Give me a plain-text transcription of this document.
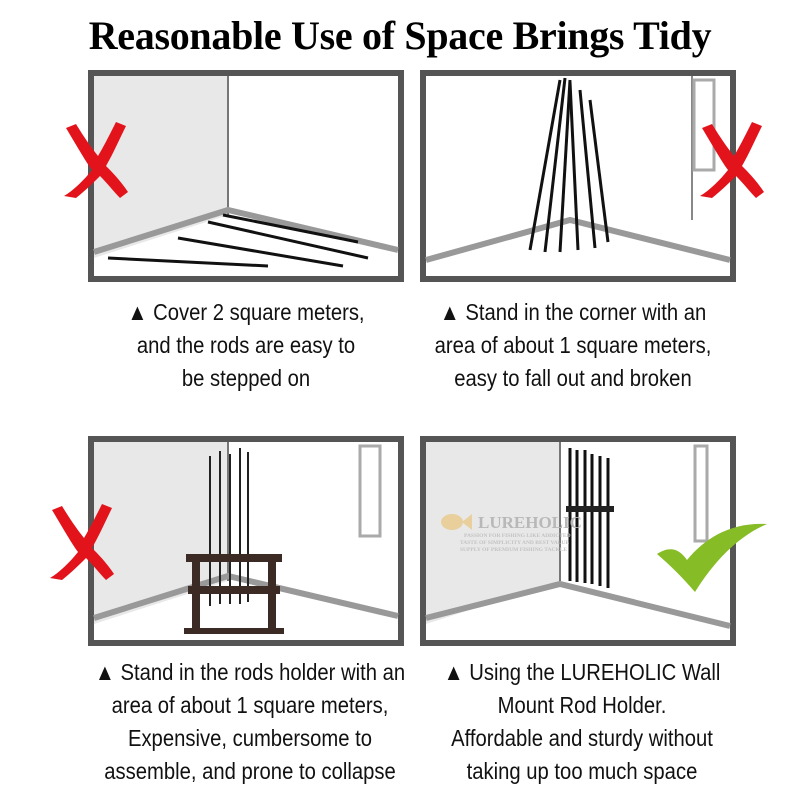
Reasonable Use of Space Brings Tidy
LUREHOLIC
PASSION FOR FISHING LIKE ADDICTED
TASTE OF SIMPLICITY AND BEST VALUE
SUPPLY OF PREMIUM FISHING TACKLE
▲ Cover 2 square meters,
and the rods are easy to
be stepped on
▲ Stand in the corner with an
area of about 1 square meters,
easy to fall out and broken
▲ Stand in the rods holder with an
area of about 1 square meters,
Expensive, cumbersome to
assemble, and prone to collapse
▲ Using the LUREHOLIC Wall
Mount Rod Holder.
Affordable and sturdy without
taking up too much space
